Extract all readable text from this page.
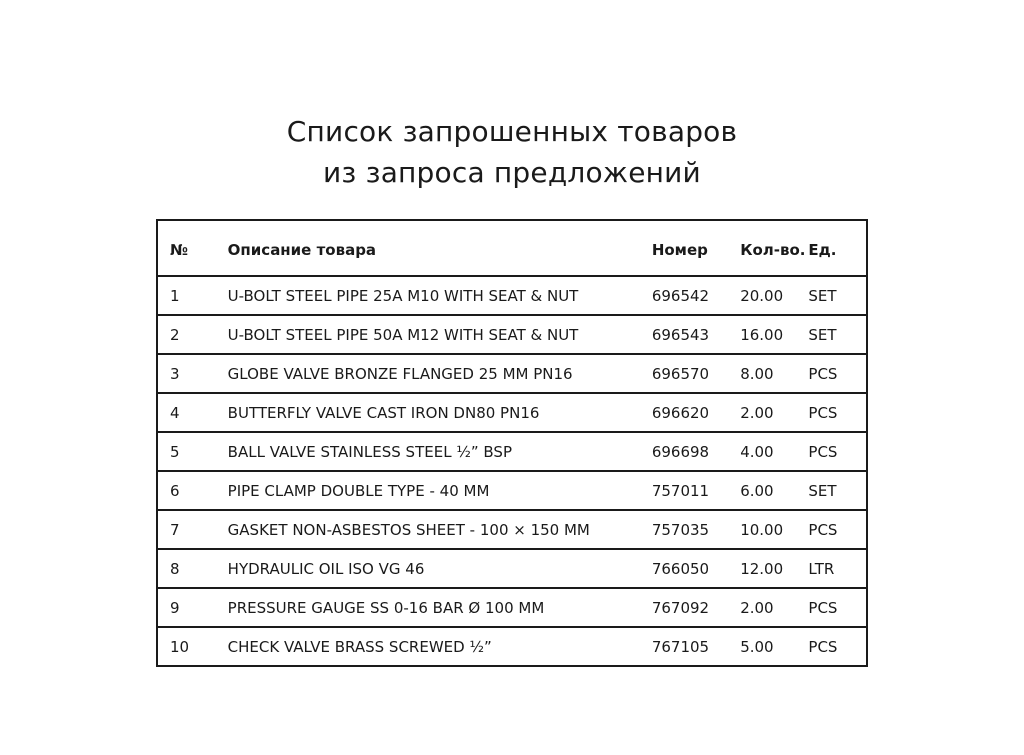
Список запрошенных товаров
из запроса предложений
№	Описание товара	Номер	Кол-во.	Ед.
1	U-BOLT STEEL PIPE 25A M10 WITH SEAT & NUT	696542	20.00	SET
2	U-BOLT STEEL PIPE 50A M12 WITH SEAT & NUT	696543	16.00	SET
3	GLOBE VALVE BRONZE FLANGED 25 MM PN16	696570	8.00	PCS
4	BUTTERFLY VALVE CAST IRON DN80 PN16	696620	2.00	PCS
5	BALL VALVE STAINLESS STEEL ½” BSP	696698	4.00	PCS
6	PIPE CLAMP DOUBLE TYPE - 40 MM	757011	6.00	SET
7	GASKET NON-ASBESTOS SHEET - 100 × 150 MM	757035	10.00	PCS
8	HYDRAULIC OIL ISO VG 46	766050	12.00	LTR
9	PRESSURE GAUGE SS 0-16 BAR Ø 100 MM	767092	2.00	PCS
10	CHECK VALVE BRASS SCREWED ½”	767105	5.00	PCS
